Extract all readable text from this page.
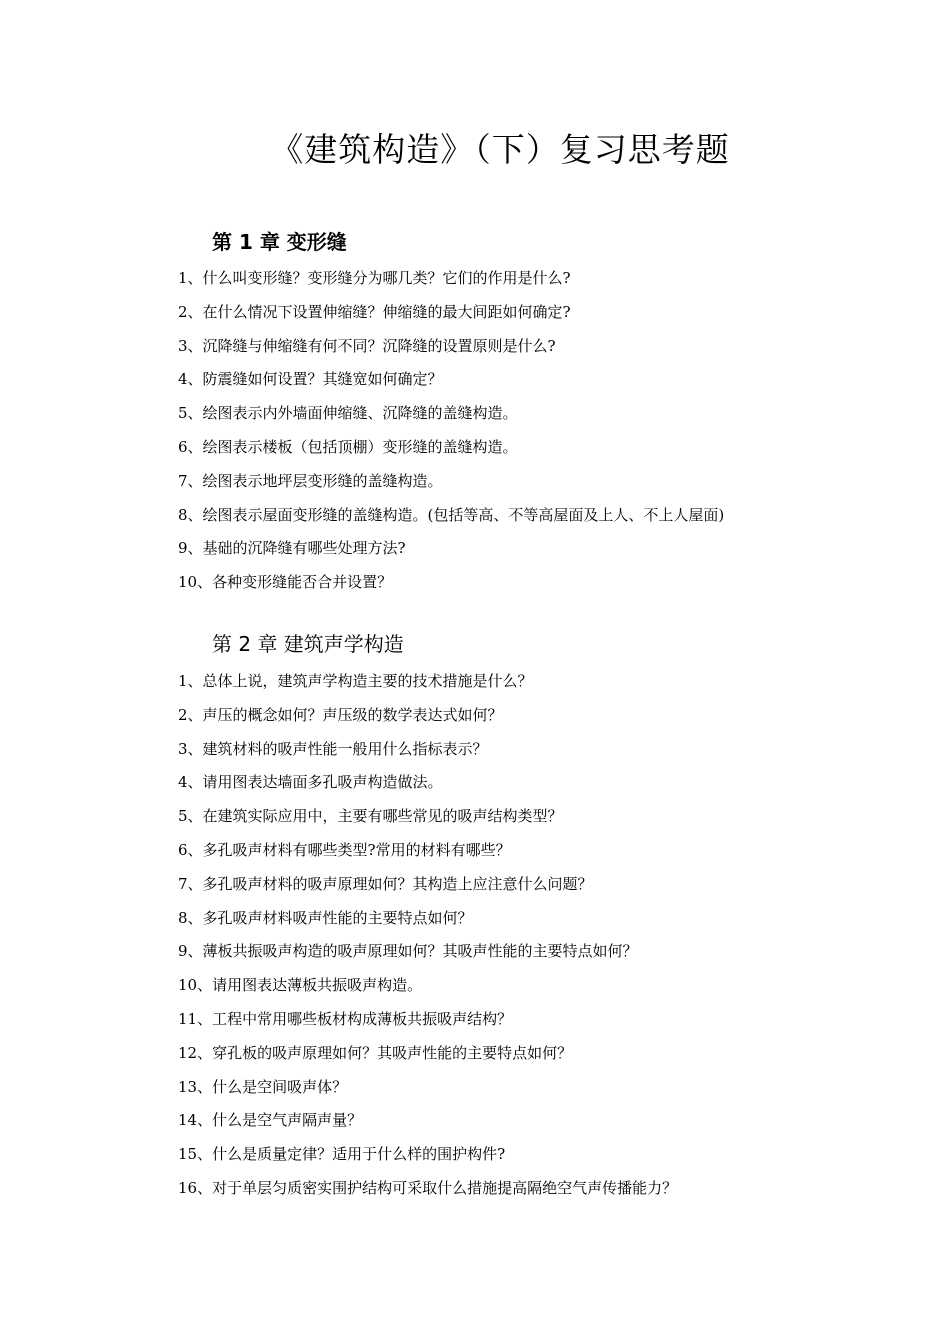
《建筑构造》（下）复习思考题
第 1 章 变形缝
1、什么叫变形缝？变形缝分为哪几类？它们的作用是什么?
2、在什么情况下设置伸缩缝？伸缩缝的最大间距如何确定?
3、沉降缝与伸缩缝有何不同？沉降缝的设置原则是什么?
4、防震缝如何设置？其缝宽如何确定？
5、绘图表示内外墙面伸缩缝、沉降缝的盖缝构造。
6、绘图表示楼板（包括顶棚）变形缝的盖缝构造。
7、绘图表示地坪层变形缝的盖缝构造。
8、绘图表示屋面变形缝的盖缝构造。(包括等高、不等高屋面及上人、不上人屋面)
9、基础的沉降缝有哪些处理方法?
10、各种变形缝能否合并设置？
第 2 章 建筑声学构造
1、总体上说，建筑声学构造主要的技术措施是什么？
2、声压的概念如何？声压级的数学表达式如何？
3、建筑材料的吸声性能一般用什么指标表示？
4、请用图表达墙面多孔吸声构造做法。
5、在建筑实际应用中，主要有哪些常见的吸声结构类型？
6、多孔吸声材料有哪些类型?常用的材料有哪些？
7、多孔吸声材料的吸声原理如何？其构造上应注意什么问题？
8、多孔吸声材料吸声性能的主要特点如何？
9、薄板共振吸声构造的吸声原理如何？其吸声性能的主要特点如何？
10、请用图表达薄板共振吸声构造。
11、工程中常用哪些板材构成薄板共振吸声结构？
12、穿孔板的吸声原理如何？其吸声性能的主要特点如何？
13、什么是空间吸声体？
14、什么是空气声隔声量？
15、什么是质量定律？适用于什么样的围护构件?
16、对于单层匀质密实围护结构可采取什么措施提高隔绝空气声传播能力？
